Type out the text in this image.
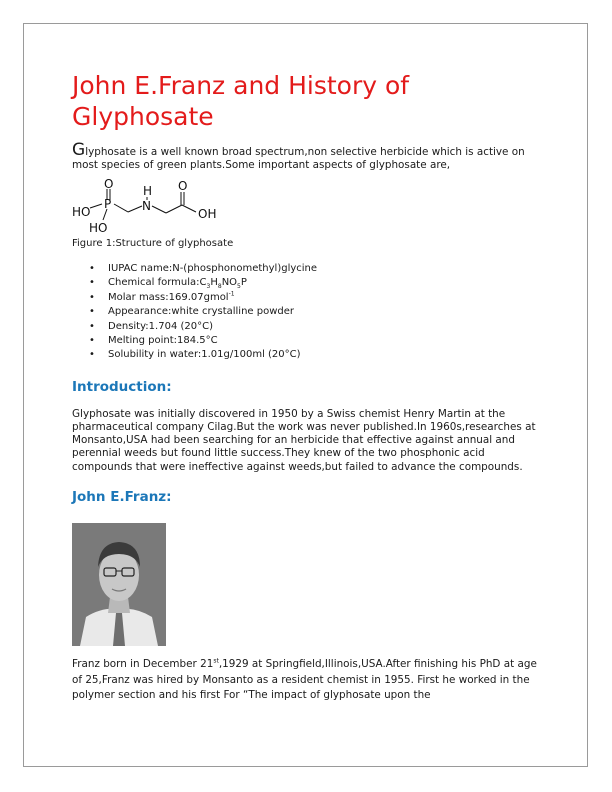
John E.Franz and History of Glyphosate

Glyphosate is a well known broad spectrum,non selective herbicide which is active on most species of green plants.Some important aspects of glyphosate are,

O
HO
P
H
N
O
OH
HO

Figure 1:Structure of glyphosate

• IUPAC name:N-(phosphonomethyl)glycine
• Chemical $formula:C_3H_8NO_5P$
• Molar mass:169.07gmol$^{-1}$
• Appearance:white crystalline powder
• Density:1.704 (20°C)
• Melting point:184.5°C
• Solubility in water:1.01g/100ml (20°C)
Introduction:

Glyphosate was initially discovered in 1950 by a Swiss chemist Henry Martin at the pharmaceutical company Cilag.But the work was never published.In 1960s,researches at Monsanto,USA had been searching for an herbicide that effective against annual and perennial weeds but found little success.They knew of the two phosphonic acid compounds that were ineffective against weeds,but failed to advance the compounds.

John E.Franz:

Franz born in December 21st,1929 at Springfield,Illinois,USA.After finishing his PhD at age of 25,Franz was hired by Monsanto as a resident chemist in 1955. First he worked in the polymer section and his first For “The impact of glyphosate upon the
